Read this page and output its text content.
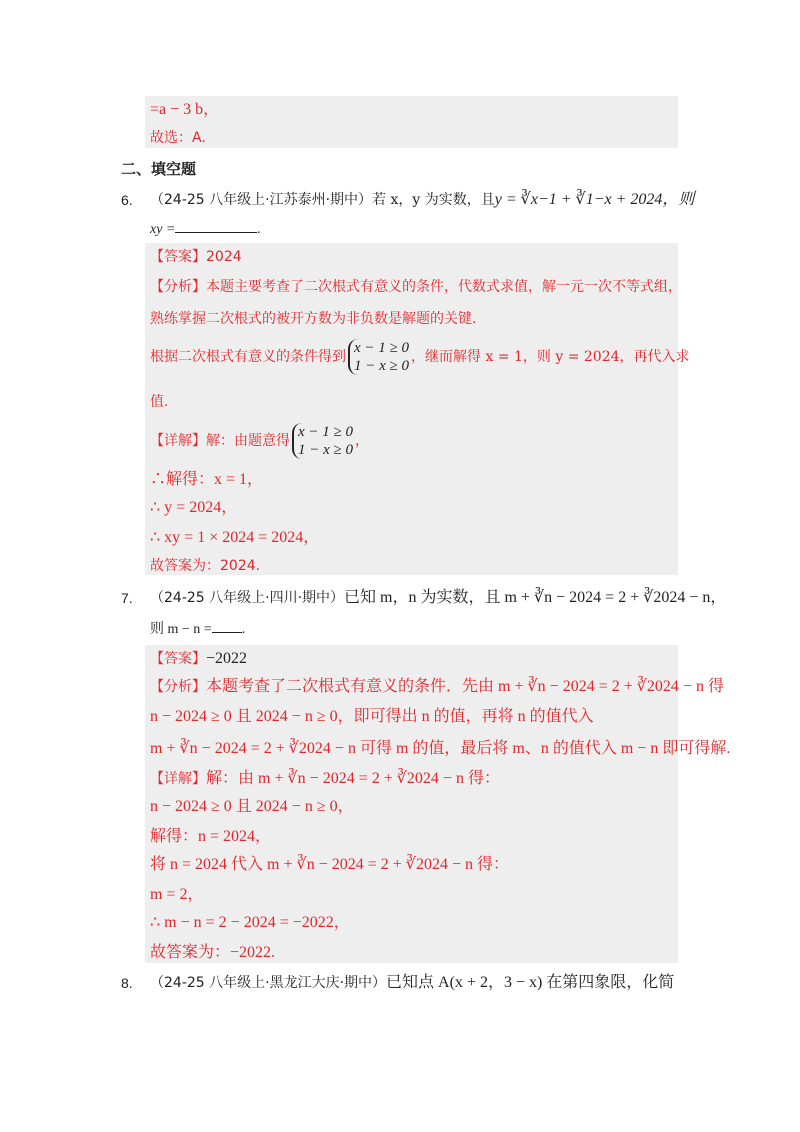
=a − 3 b，
故选：A.
二、填空题
6. （24-25 八年级上·江苏泰州·期中）若 x，y 为实数，且y = ∛x−1 + ∛1−x + 2024，则
xy =	.
【答案】2024
【分析】本题主要考查了二次根式有意义的条件，代数式求值，解一元一次不等式组，
熟练掌握二次根式的被开方数为非负数是解题的关键.
根据二次根式有意义的条件得到
x − 1 ≥ 0
1 − x ≥ 0
，继而解得 x = 1，则 y = 2024，再代入求
值.
【详解】解：由题意得
x − 1 ≥ 0
1 − x ≥ 0
，
∴解得：x = 1，
∴ y = 2024，
∴ xy = 1 × 2024 = 2024，
故答案为：2024.
7. （24-25 八年级上·四川·期中）已知 m，n 为实数，且 m + ∛n − 2024 = 2 + ∛2024 − n，
则 m − n = .
【答案】−2022
【分析】本题考查了二次根式有意义的条件．先由 m + ∛n − 2024 = 2 + ∛2024 − n 得
n − 2024 ≥ 0 且 2024 − n ≥ 0，即可得出 n 的值，再将 n 的值代入
m + ∛n − 2024 = 2 + ∛2024 − n 可得 m 的值，最后将 m、n 的值代入 m − n 即可得解.
【详解】解：由 m + ∛n − 2024 = 2 + ∛2024 − n 得：
n − 2024 ≥ 0 且 2024 − n ≥ 0，
解得：n = 2024，
将 n = 2024 代入 m + ∛n − 2024 = 2 + ∛2024 − n 得：
m = 2，
∴ m − n = 2 − 2024 = −2022，
故答案为：−2022.
8. （24-25 八年级上·黑龙江大庆·期中）已知点 A(x + 2，3 − x) 在第四象限，化简
